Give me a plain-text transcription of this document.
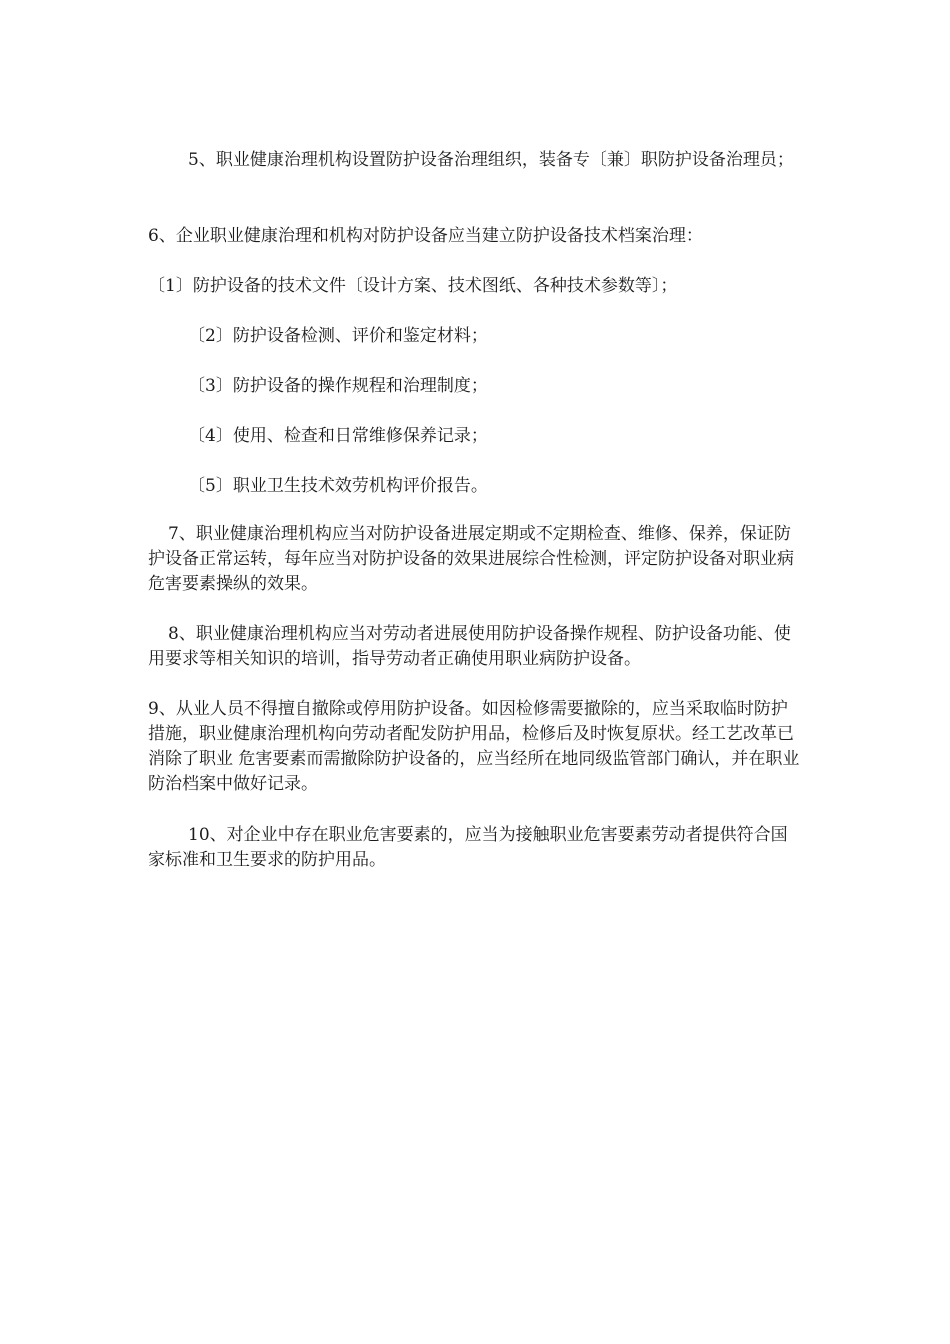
5、职业健康治理机构设置防护设备治理组织，装备专〔兼〕职防护设备治理员；

6、企业职业健康治理和机构对防护设备应当建立防护设备技术档案治理：

〔1〕防护设备的技术文件〔设计方案、技术图纸、各种技术参数等〕；

〔2〕防护设备检测、评价和鉴定材料；

〔3〕防护设备的操作规程和治理制度；

〔4〕使用、检查和日常维修保养记录；

〔5〕职业卫生技术效劳机构评价报告。

7、职业健康治理机构应当对防护设备进展定期或不定期检查、维修、保养，保证防护设备正常运转，每年应当对防护设备的效果进展综合性检测，评定防护设备对职业病危害要素操纵的效果。

8、职业健康治理机构应当对劳动者进展使用防护设备操作规程、防护设备功能、使用要求等相关知识的培训，指导劳动者正确使用职业病防护设备。

9、从业人员不得擅自撤除或停用防护设备。如因检修需要撤除的，应当采取临时防护措施，职业健康治理机构向劳动者配发防护用品，检修后及时恢复原状。经工艺改革已消除了职业 危害要素而需撤除防护设备的，应当经所在地同级监管部门确认，并在职业防治档案中做好记录。

10、对企业中存在职业危害要素的，应当为接触职业危害要素劳动者提供符合国家标准和卫生要求的防护用品。
